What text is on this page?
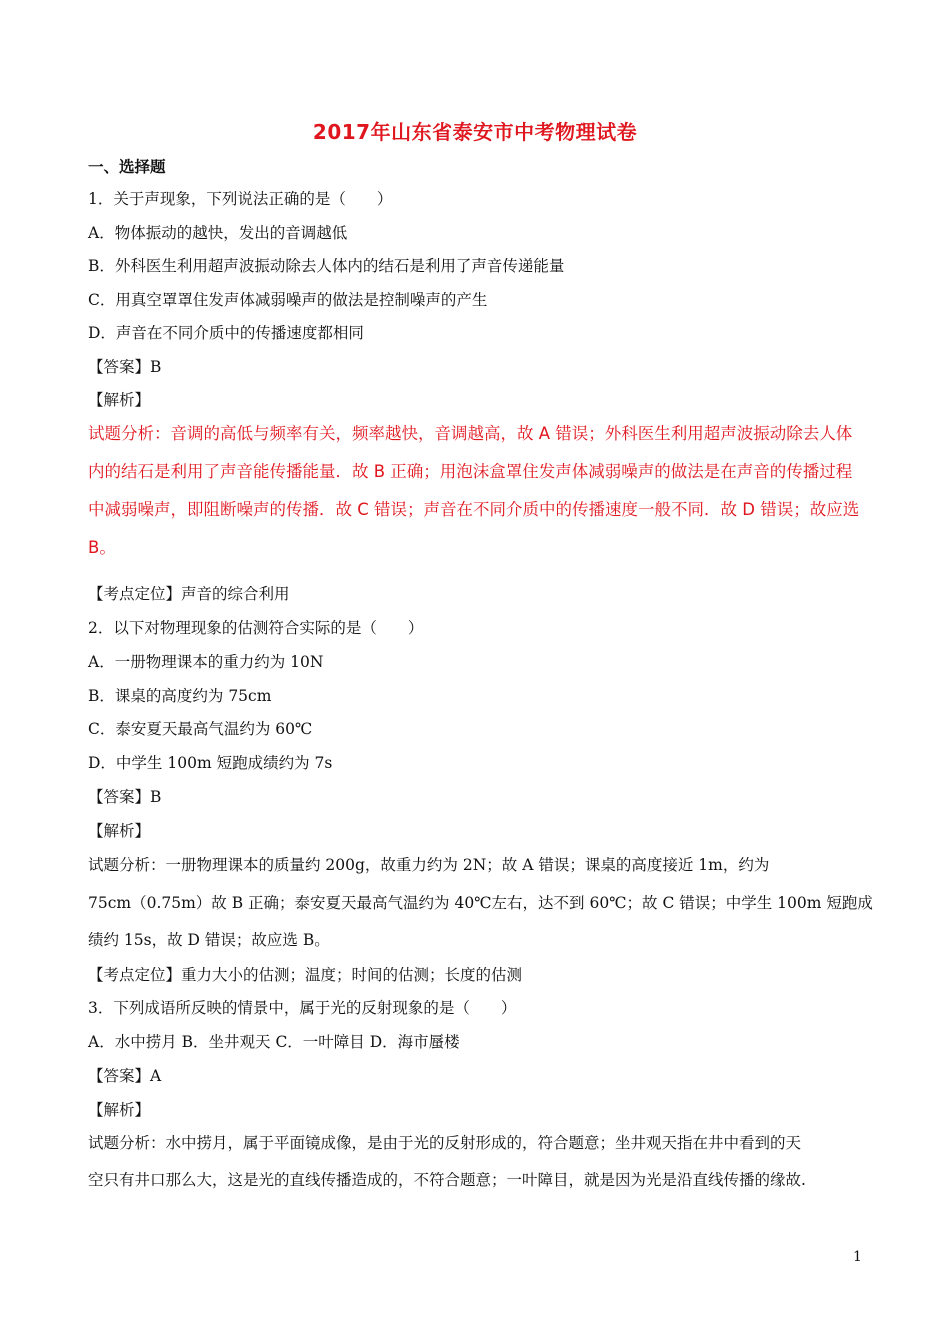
2017年山东省泰安市中考物理试卷
一、选择题
1．关于声现象，下列说法正确的是（　　）
A．物体振动的越快，发出的音调越低
B．外科医生利用超声波振动除去人体内的结石是利用了声音传递能量
C．用真空罩罩住发声体减弱噪声的做法是控制噪声的产生
D．声音在不同介质中的传播速度都相同
【答案】B
【解析】
试题分析：音调的高低与频率有关，频率越快，音调越高，故 A 错误；外科医生利用超声波振动除去人体
内的结石是利用了声音能传播能量．故 B 正确；用泡沫盒罩住发声体减弱噪声的做法是在声音的传播过程
中减弱噪声，即阻断噪声的传播．故 C 错误；声音在不同介质中的传播速度一般不同．故 D 错误；故应选
B。
【考点定位】声音的综合利用
2．以下对物理现象的估测符合实际的是（　　）
A．一册物理课本的重力约为 10N
B．课桌的高度约为 75cm
C．泰安夏天最高气温约为 60℃
D．中学生 100m 短跑成绩约为 7s
【答案】B
【解析】
试题分析：一册物理课本的质量约 200g，故重力约为 2N；故 A 错误；课桌的高度接近 1m，约为
75cm（0.75m）故 B 正确；泰安夏天最高气温约为 40℃左右，达不到 60℃；故 C 错误；中学生 100m 短跑成
绩约 15s，故 D 错误；故应选 B。
【考点定位】重力大小的估测；温度；时间的估测；长度的估测
3．下列成语所反映的情景中，属于光的反射现象的是（　　）
A．水中捞月 B．坐井观天 C．一叶障目 D．海市蜃楼
【答案】A
【解析】
试题分析：水中捞月，属于平面镜成像，是由于光的反射形成的，符合题意；坐井观天指在井中看到的天
空只有井口那么大，这是光的直线传播造成的，不符合题意；一叶障目，就是因为光是沿直线传播的缘故.
1
